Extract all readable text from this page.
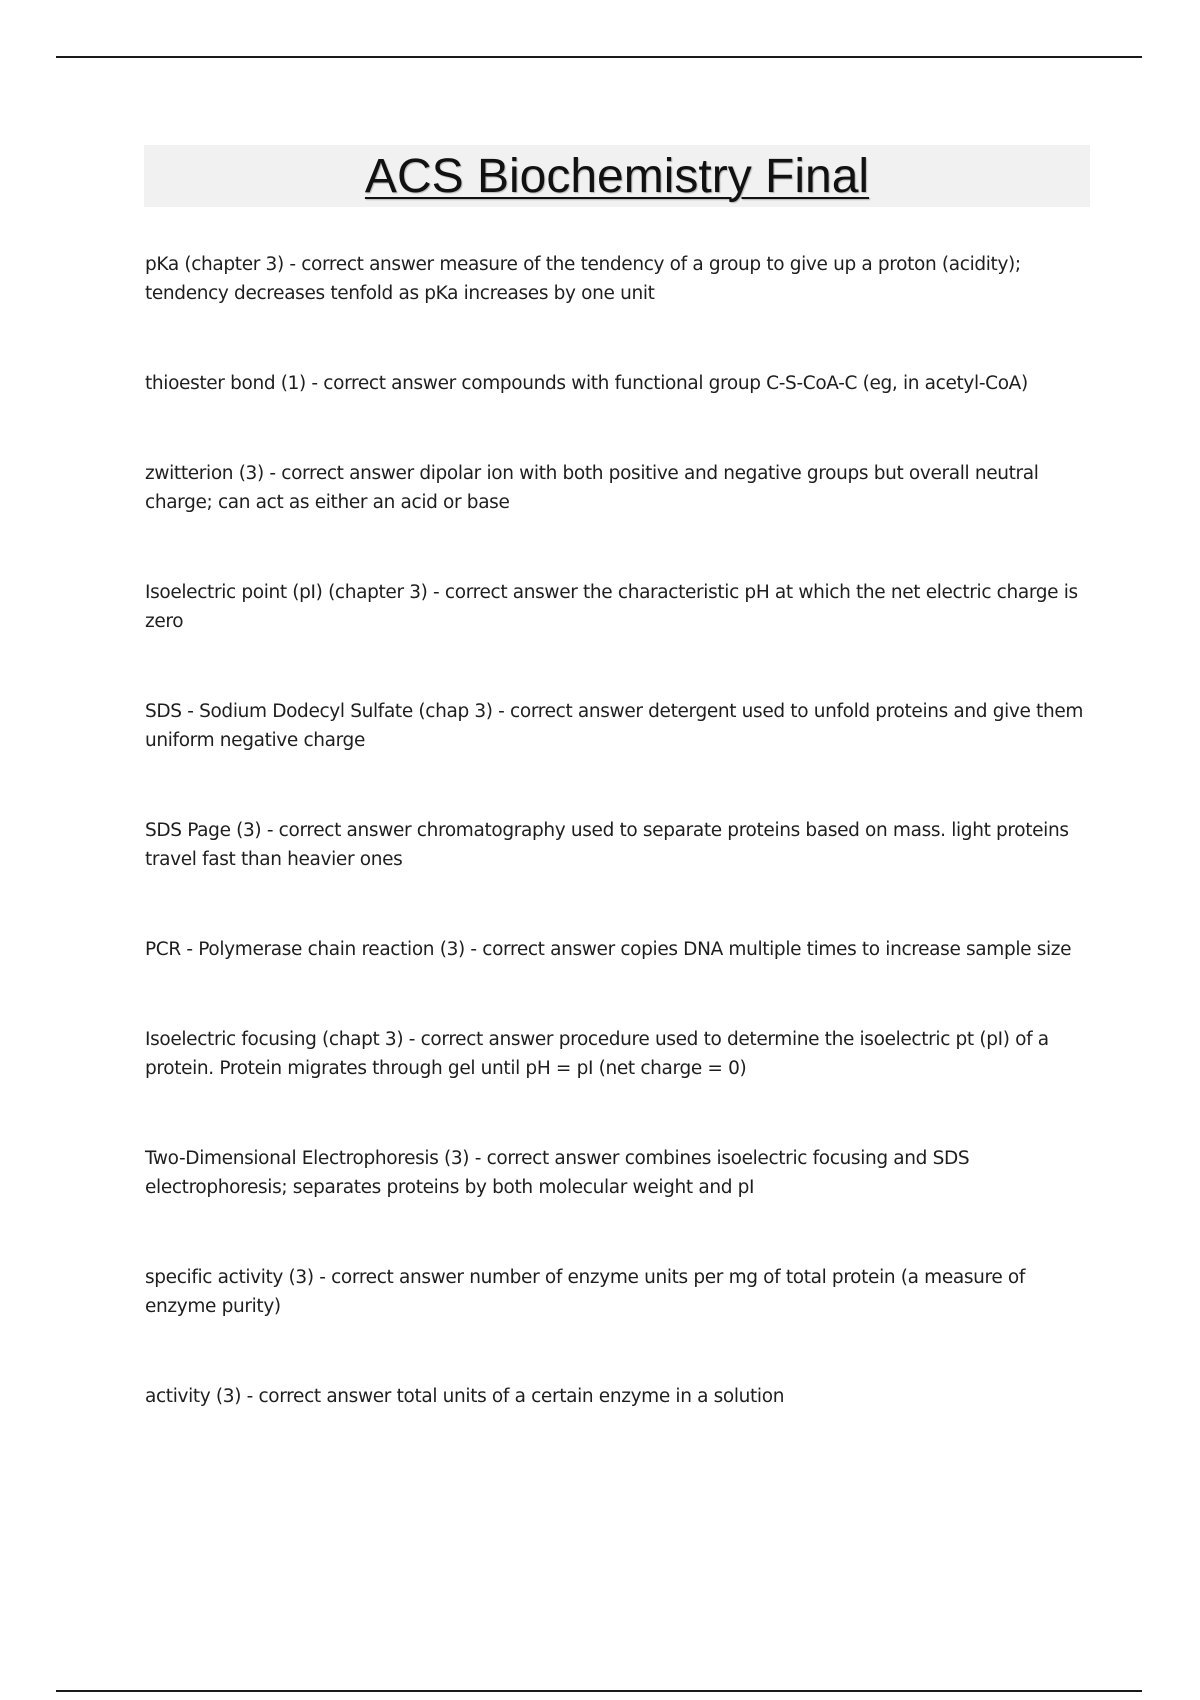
ACS Biochemistry Final
pKa (chapter 3) - correct answer measure of the tendency of a group to give up a proton (acidity); tendency decreases tenfold as pKa increases by one unit
thioester bond (1) - correct answer compounds with functional group C-S-CoA-C (eg, in acetyl-CoA)
zwitterion (3) - correct answer dipolar ion with both positive and negative groups but overall neutral charge; can act as either an acid or base
Isoelectric point (pI) (chapter 3) - correct answer the characteristic pH at which the net electric charge is zero
SDS - Sodium Dodecyl Sulfate (chap 3) - correct answer detergent used to unfold proteins and give them uniform negative charge
SDS Page (3) - correct answer chromatography used to separate proteins based on mass. light proteins travel fast than heavier ones
PCR - Polymerase chain reaction (3) - correct answer copies DNA multiple times to increase sample size
Isoelectric focusing (chapt 3) - correct answer procedure used to determine the isoelectric pt (pI) of a protein. Protein migrates through gel until pH = pI (net charge = 0)
Two-Dimensional Electrophoresis (3) - correct answer combines isoelectric focusing and SDS electrophoresis; separates proteins by both molecular weight and pI
specific activity (3) - correct answer number of enzyme units per mg of total protein (a measure of enzyme purity)
activity (3) - correct answer total units of a certain enzyme in a solution
